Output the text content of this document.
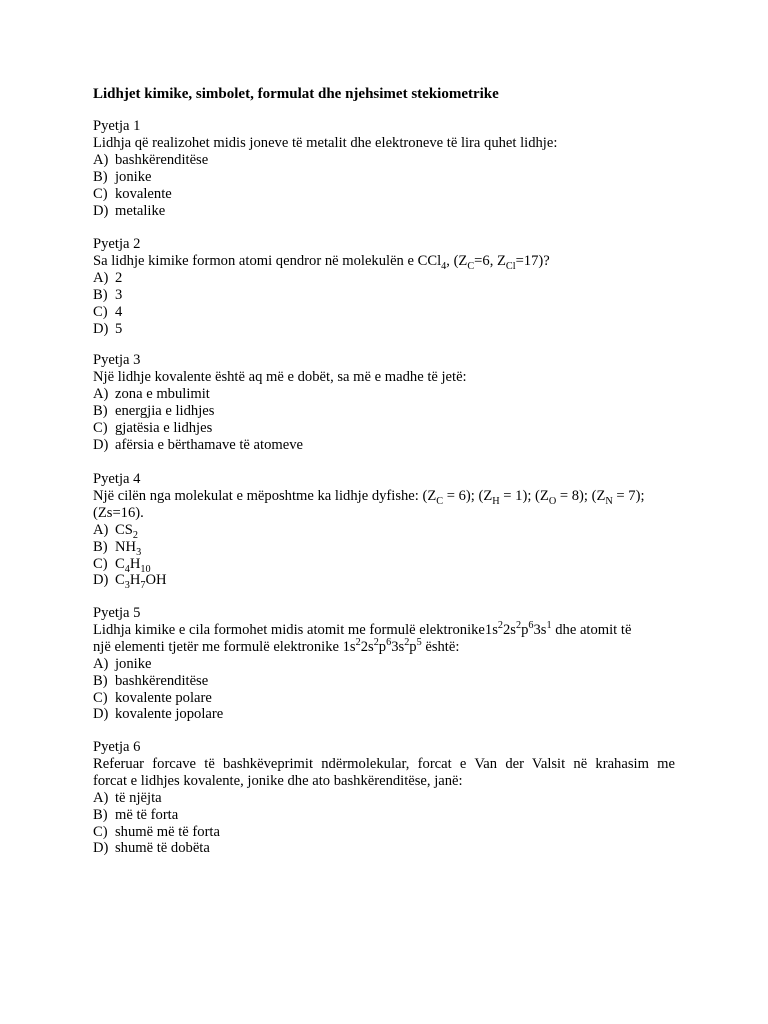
Lidhjet kimike, simbolet, formulat dhe njehsimet stekiometrike
Pyetja 1
Lidhja që realizohet midis joneve të metalit dhe elektroneve të lira quhet lidhje:
A) bashkërenditëse
B) jonike
C) kovalente
D) metalike
Pyetja 2
Sa lidhje kimike formon atomi qendror në molekulën e CCl$_4$, ($Z_C=6$, $Z_{Cl}=17$)?
A) 2
B) 3
C) 4
D) 5
Pyetja 3
Një lidhje kovalente është aq më e dobët, sa më e madhe të jetë:
A) zona e mbulimit
B) energjia e lidhjes
C) gjatësia e lidhjes
D) afërsia e bërthamave të atomeve
Pyetja 4
Një cilën nga molekulat e mëposhtme ka lidhje dyfishe: $(Z_C = 6)$; $(Z_H = 1)$; $(Z_O = 8)$; $(Z_N = 7)$;
(Zs=16).
A) $CS_2$
B) $NH_3$
C) $C_4H_{10}$
D) $C_3H_7OH$
Pyetja 5
Lidhja kimike e cila formohet midis atomit me formulë $elektronike1s^22s^2p^63s^1$ dhe atomit të
një elementi tjetër me formulë elektronike $1s^22s^2p^63s^2p^5$ është:
A) jonike
B) bashkërenditëse
C) kovalente polare
D) kovalente jopolare
Pyetja 6
Referuar forcave të bashkëveprimit ndërmolekular, forcat e Van der Valsit në krahasim me
forcat e lidhjes kovalente, jonike dhe ato bashkërenditëse, janë:
A) të njëjta
B) më të forta
C) shumë më të forta
D) shumë të dobëta
